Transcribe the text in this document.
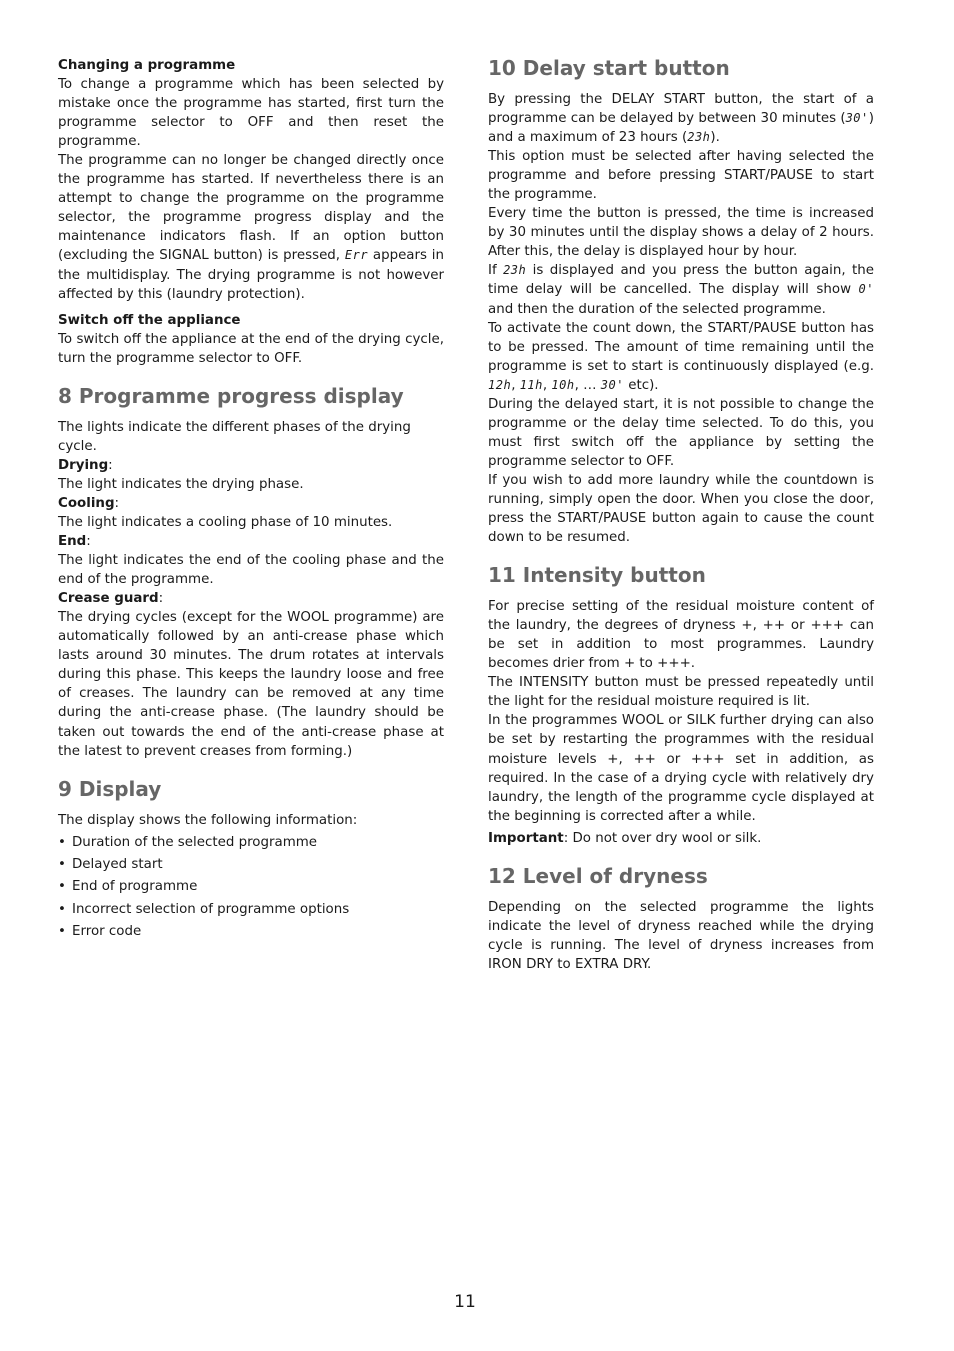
Changing a programme

To change a programme which has been selected by mistake once the programme has started, first turn the programme selector to OFF and then reset the programme.

The programme can no longer be changed directly once the programme has started. If nevertheless there is an attempt to change the programme on the programme selector, the programme progress display and the maintenance indicators flash. If an option button (excluding the SIGNAL button) is pressed, Err appears in the multidisplay. The drying programme is not however affected by this (laundry protection).

Switch off the appliance

To switch off the appliance at the end of the drying cycle, turn the programme selector to OFF.

8 Programme progress display

The lights indicate the different phases of the drying cycle.

Drying:

The light indicates the drying phase.

Cooling:

The light indicates a cooling phase of 10 minutes.

End:

The light indicates the end of the cooling phase and the end of the programme.

Crease guard:

The drying cycles (except for the WOOL programme) are automatically followed by an anti-crease phase which lasts around 30 minutes. The drum rotates at intervals during this phase. This keeps the laundry loose and free of creases. The laundry can be removed at any time during the anti-crease phase. (The laundry should be taken out towards the end of the anti-crease phase at the latest to prevent creases from forming.)

9 Display

The display shows the following information:

• Duration of the selected programme
• Delayed start
• End of programme
• Incorrect selection of programme options
• Error code
10 Delay start button

By pressing the DELAY START button, the start of a programme can be delayed by between 30 minutes (30') and a maximum of 23 hours (23h).

This option must be selected after having selected the programme and before pressing START/PAUSE to start the programme.

Every time the button is pressed, the time is increased by 30 minutes until the display shows a delay of 2 hours. After this, the delay is displayed hour by hour.

If 23h is displayed and you press the button again, the time delay will be cancelled. The display will show 0' and then the duration of the selected programme.

To activate the count down, the START/PAUSE button has to be pressed. The amount of time remaining until the programme is set to start is continuously displayed (e.g. 12h, 11h, 10h, … 30' etc).

During the delayed start, it is not possible to change the programme or the delay time selected. To do this, you must first switch off the appliance by setting the programme selector to OFF.

If you wish to add more laundry while the countdown is running, simply open the door. When you close the door, press the START/PAUSE button again to cause the count down to be resumed.

11 Intensity button

For precise setting of the residual moisture content of the laundry, the degrees of dryness +, ++ or +++ can be set in addition to most programmes. Laundry becomes drier from + to +++.

The INTENSITY button must be pressed repeatedly until the light for the residual moisture required is lit.

In the programmes WOOL or SILK further drying can also be set by restarting the programmes with the residual moisture levels +, ++ or +++ set in addition, as required. In the case of a drying cycle with relatively dry laundry, the length of the programme cycle displayed at the beginning is corrected after a while.

Important: Do not over dry wool or silk.

12 Level of dryness

Depending on the selected programme the lights indicate the level of dryness reached while the drying cycle is running. The level of dryness increases from IRON DRY to EXTRA DRY.

11
